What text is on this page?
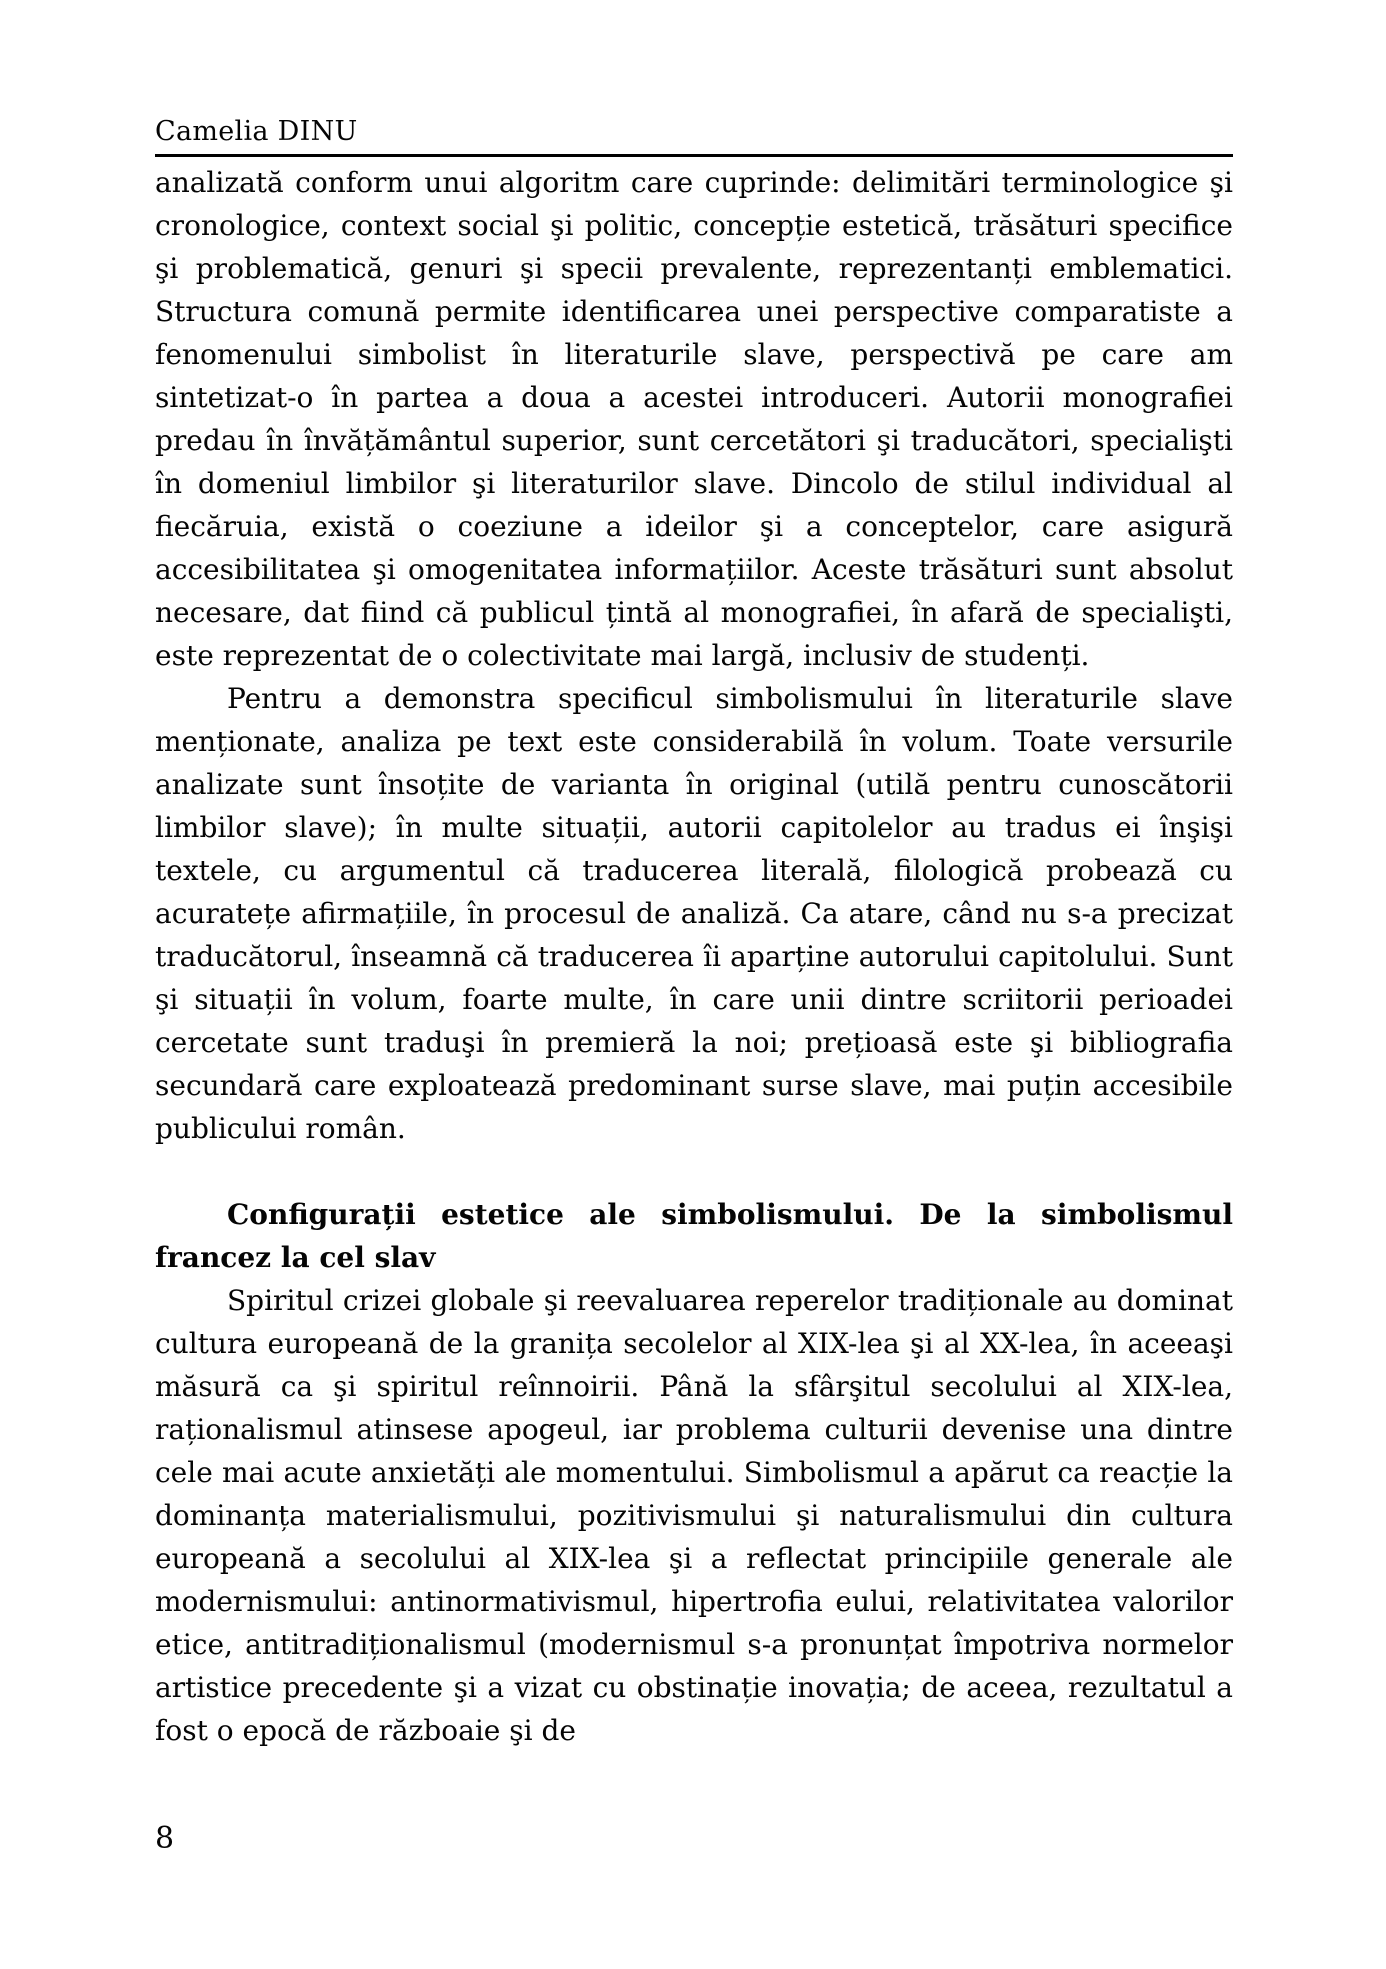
Camelia DINU

analizată conform unui algoritm care cuprinde: delimitări terminologice şi cronologice, context social şi politic, concepție estetică, trăsături specifice şi problematică, genuri şi specii prevalente, reprezentanți emblematici. Structura comună permite identificarea unei perspective comparatiste a fenomenului simbolist în literaturile slave, perspectivă pe care am sintetizat-o în partea a doua a acestei introduceri. Autorii monografiei predau în învățământul superior, sunt cercetători şi traducători, specialişti în domeniul limbilor şi literaturilor slave. Dincolo de stilul individual al fiecăruia, există o coeziune a ideilor şi a conceptelor, care asigură accesibilitatea şi omogenitatea informațiilor. Aceste trăsături sunt absolut necesare, dat fiind că publicul țintă al monografiei, în afară de specialişti, este reprezentat de o colectivitate mai largă, inclusiv de studenți.

Pentru a demonstra specificul simbolismului în literaturile slave menționate, analiza pe text este considerabilă în volum. Toate versurile analizate sunt însoțite de varianta în original (utilă pentru cunoscătorii limbilor slave); în multe situații, autorii capitolelor au tradus ei înşişi textele, cu argumentul că traducerea literală, filologică probează cu acuratețe afirmațiile, în procesul de analiză. Ca atare, când nu s-a precizat traducătorul, înseamnă că traducerea îi aparține autorului capitolului. Sunt şi situații în volum, foarte multe, în care unii dintre scriitorii perioadei cercetate sunt traduşi în premieră la noi; prețioasă este şi bibliografia secundară care exploatează predominant surse slave, mai puțin accesibile publicului român.

Configurații estetice ale simbolismului. De la simbolismul francez la cel slav

Spiritul crizei globale şi reevaluarea reperelor tradiționale au dominat cultura europeană de la granița secolelor al XIX-lea şi al XX-lea, în aceeaşi măsură ca şi spiritul reînnoirii. Până la sfârşitul secolului al XIX-lea, raționalismul atinsese apogeul, iar problema culturii devenise una dintre cele mai acute anxietăți ale momentului. Simbolismul a apărut ca reacție la dominanța materialismului, pozitivismului şi naturalismului din cultura europeană a secolului al XIX-lea şi a reflectat principiile generale ale modernismului: antinormativismul, hipertrofia eului, relativitatea valorilor etice, antitradiționalismul (modernismul s-a pronunțat împotriva normelor artistice precedente şi a vizat cu obstinație inovația; de aceea, rezultatul a fost o epocă de războaie şi de

8
